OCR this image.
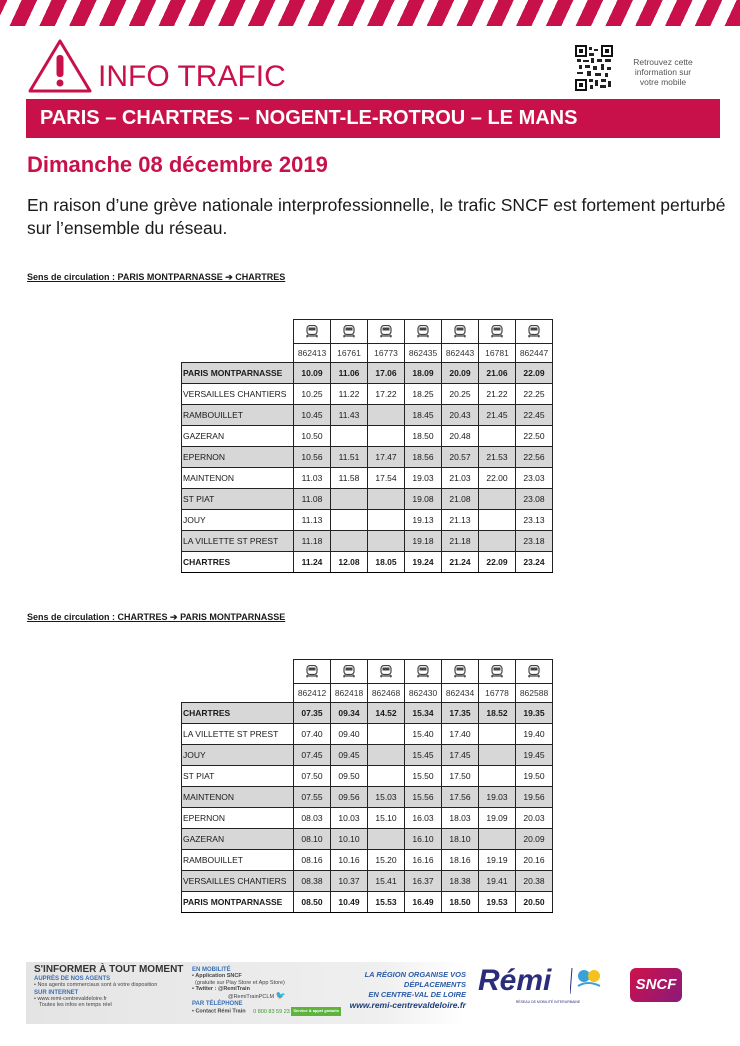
INFO TRAFIC	Retrouvez cette information sur votre mobile
PARIS – CHARTRES – NOGENT-LE-ROTROU – LE MANS
Dimanche 08 décembre 2019
En raison d’une grève nationale interprofessionnelle, le trafic SNCF est fortement perturbé sur l’ensemble du réseau.
Sens de circulation : PARIS MONTPARNASSE ➔ CHARTRES

	862413	16761	16773	862435	862443	16781	862447
PARIS MONTPARNASSE	10.09	11.06	17.06	18.09	20.09	21.06	22.09
VERSAILLES CHANTIERS	10.25	11.22	17.22	18.25	20.25	21.22	22.25
RAMBOUILLET	10.45	11.43		18.45	20.43	21.45	22.45
GAZERAN	10.50			18.50	20.48		22.50
EPERNON	10.56	11.51	17.47	18.56	20.57	21.53	22.56
MAINTENON	11.03	11.58	17.54	19.03	21.03	22.00	23.03
ST PIAT	11.08			19.08	21.08		23.08
JOUY	11.13			19.13	21.13		23.13
LA VILLETTE ST PREST	11.18			19.18	21.18		23.18
CHARTRES	11.24	12.08	18.05	19.24	21.24	22.09	23.24
Sens de circulation : CHARTRES ➔ PARIS MONTPARNASSE

	862412	862418	862468	862430	862434	16778	862588
CHARTRES	07.35	09.34	14.52	15.34	17.35	18.52	19.35
LA VILLETTE ST PREST	07.40	09.40		15.40	17.40		19.40
JOUY	07.45	09.45		15.45	17.45		19.45
ST PIAT	07.50	09.50		15.50	17.50		19.50
MAINTENON	07.55	09.56	15.03	15.56	17.56	19.03	19.56
EPERNON	08.03	10.03	15.10	16.03	18.03	19.09	20.03
GAZERAN	08.10	10.10		16.10	18.10		20.09
RAMBOUILLET	08.16	10.16	15.20	16.16	18.16	19.19	20.16
VERSAILLES CHANTIERS	08.38	10.37	15.41	16.37	18.38	19.41	20.38
PARIS MONTPARNASSE	08.50	10.49	15.53	16.49	18.50	19.53	20.50
S'INFORMER À TOUT MOMENT
AUPRÈS DE NOS AGENTS
• Nos agents commerciaux sont à votre disposition
SUR INTERNET
• www.remi-centrevaldeloire.fr
Toutes les infos en temps réel
EN MOBILITÉ
• Application SNCF
(gratuite sur Play Store et App Store)
• Twitter : @RemiTrain
@RemiTrainPCLM 🐦
PAR TÉLÉPHONE
• Contact Rémi Train 0 800 83 59 23 Service & appel gratuits
LA RÉGION ORGANISE VOS DÉPLACEMENTS
EN CENTRE-VAL DE LOIRE
www.remi-centrevaldeloire.fr
Rémi
RÉSEAU DE MOBILITÉ INTERURBAINE
SNCF
